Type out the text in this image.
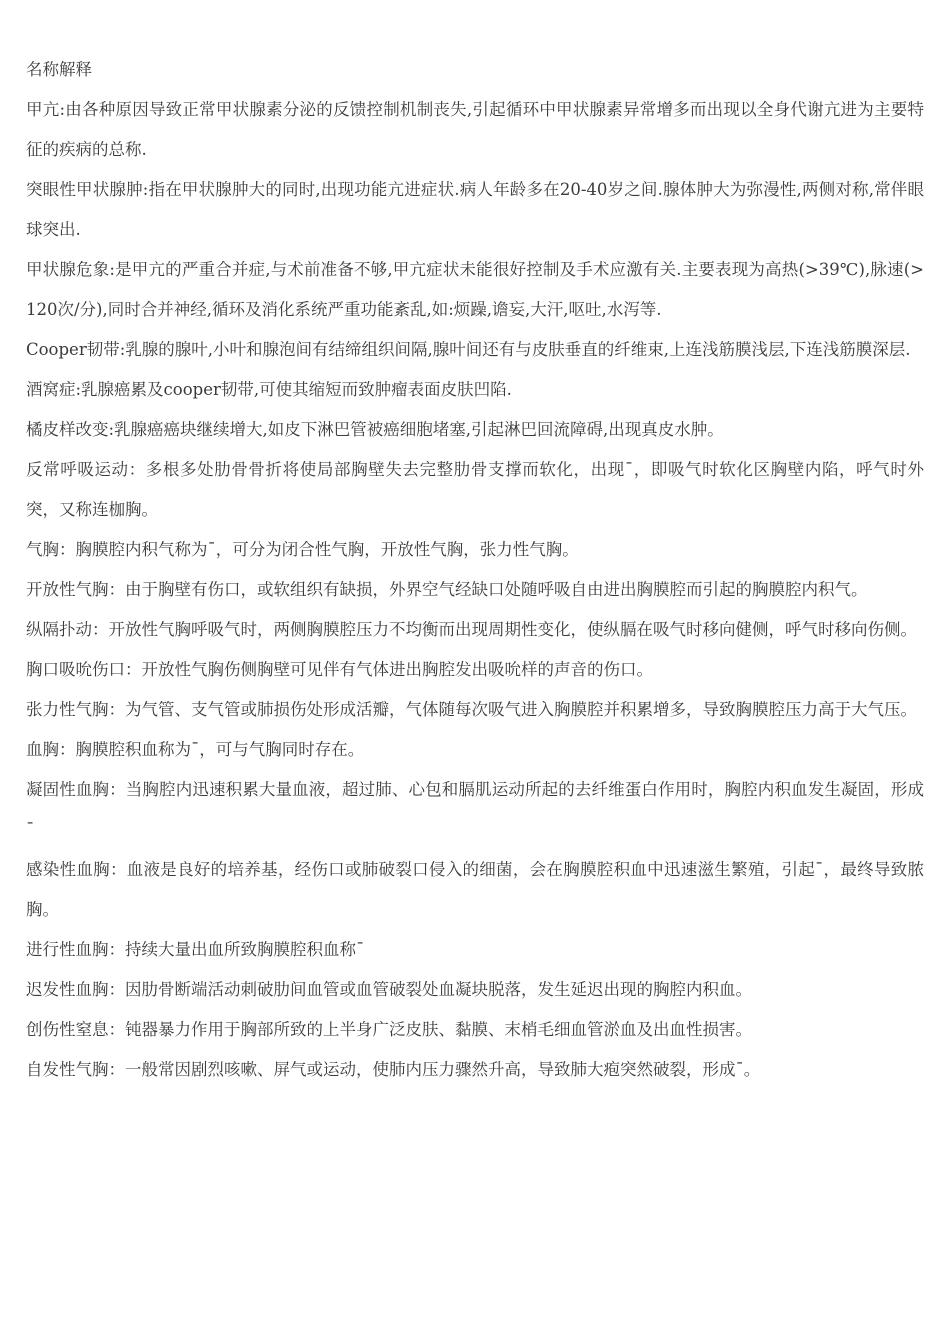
名称解释

甲亢:由各种原因导致正常甲状腺素分泌的反馈控制机制丧失,引起循环中甲状腺素异常增多而出现以全身代谢亢进为主要特征的疾病的总称.

突眼性甲状腺肿:指在甲状腺肿大的同时,出现功能亢进症状.病人年龄多在20-40岁之间.腺体肿大为弥漫性,两侧对称,常伴眼球突出.

甲状腺危象:是甲亢的严重合并症,与术前准备不够,甲亢症状未能很好控制及手术应激有关.主要表现为高热(>39℃),脉速(>120次/分),同时合并神经,循环及消化系统严重功能紊乱,如:烦躁,谵妄,大汗,呕吐,水泻等.

Cooper韧带:乳腺的腺叶,小叶和腺泡间有结缔组织间隔,腺叶间还有与皮肤垂直的纤维束,上连浅筋膜浅层,下连浅筋膜深层.

酒窝症:乳腺癌累及cooper韧带,可使其缩短而致肿瘤表面皮肤凹陷.

橘皮样改变:乳腺癌癌块继续增大,如皮下淋巴管被癌细胞堵塞,引起淋巴回流障碍,出现真皮水肿。

反常呼吸运动：多根多处肋骨骨折将使局部胸壁失去完整肋骨支撑而软化，出现¯，即吸气时软化区胸壁内陷，呼气时外突，又称连枷胸。

气胸：胸膜腔内积气称为¯，可分为闭合性气胸，开放性气胸，张力性气胸。

开放性气胸：由于胸壁有伤口，或软组织有缺损，外界空气经缺口处随呼吸自由进出胸膜腔而引起的胸膜腔内积气。

纵隔扑动：开放性气胸呼吸气时，两侧胸膜腔压力不均衡而出现周期性变化，使纵膈在吸气时移向健侧，呼气时移向伤侧。

胸口吸吮伤口：开放性气胸伤侧胸壁可见伴有气体进出胸腔发出吸吮样的声音的伤口。

张力性气胸：为气管、支气管或肺损伤处形成活瓣，气体随每次吸气进入胸膜腔并积累增多，导致胸膜腔压力高于大气压。

血胸：胸膜腔积血称为¯，可与气胸同时存在。

凝固性血胸：当胸腔内迅速积累大量血液，超过肺、心包和膈肌运动所起的去纤维蛋白作用时，胸腔内积血发生凝固，形成¯

感染性血胸：血液是良好的培养基，经伤口或肺破裂口侵入的细菌，会在胸膜腔积血中迅速滋生繁殖，引起¯，最终导致脓胸。

进行性血胸：持续大量出血所致胸膜腔积血称¯

迟发性血胸：因肋骨断端活动刺破肋间血管或血管破裂处血凝块脱落，发生延迟出现的胸腔内积血。

创伤性窒息：钝器暴力作用于胸部所致的上半身广泛皮肤、黏膜、末梢毛细血管淤血及出血性损害。

自发性气胸：一般常因剧烈咳嗽、屏气或运动，使肺内压力骤然升高，导致肺大疱突然破裂，形成¯。
